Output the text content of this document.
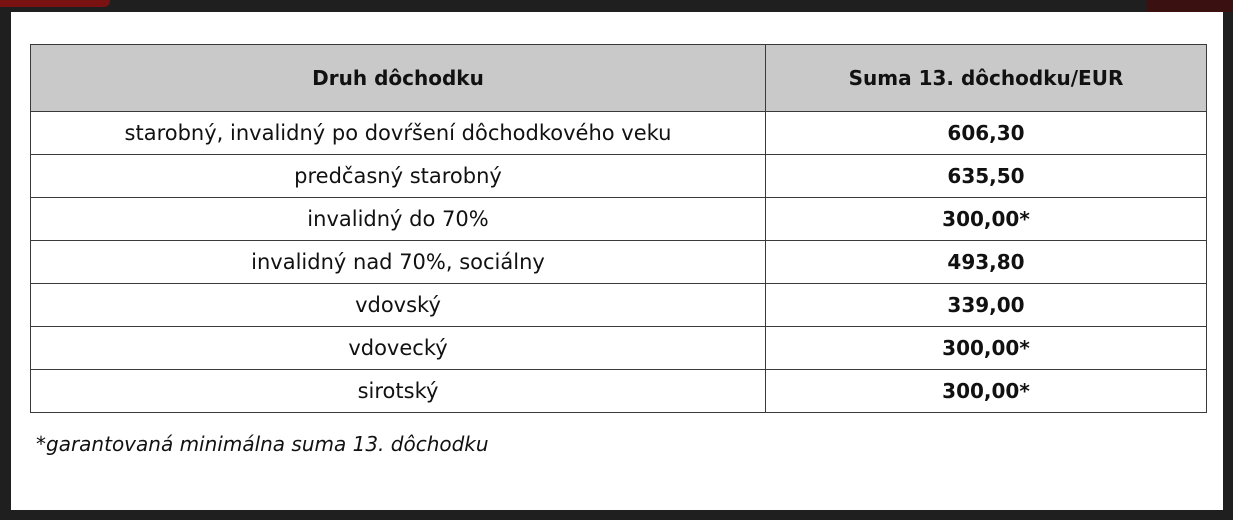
Druh dôchodku	Suma 13. dôchodku/EUR
starobný, invalidný po dovŕšení dôchodkového veku	606,30
predčasný starobný	635,50
invalidný do 70%	300,00*
invalidný nad 70%, sociálny	493,80
vdovský	339,00
vdovecký	300,00*
sirotský	300,00*
*garantovaná minimálna suma 13. dôchodku
